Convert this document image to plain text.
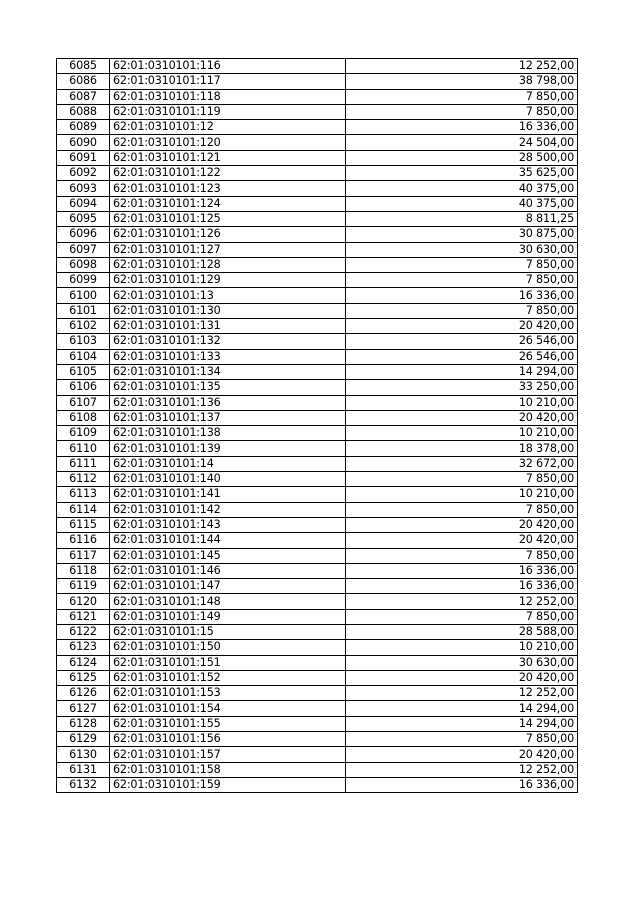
6085	62:01:0310101:116	12 252,00
6086	62:01:0310101:117	38 798,00
6087	62:01:0310101:118	7 850,00
6088	62:01:0310101:119	7 850,00
6089	62:01:0310101:12	16 336,00
6090	62:01:0310101:120	24 504,00
6091	62:01:0310101:121	28 500,00
6092	62:01:0310101:122	35 625,00
6093	62:01:0310101:123	40 375,00
6094	62:01:0310101:124	40 375,00
6095	62:01:0310101:125	8 811,25
6096	62:01:0310101:126	30 875,00
6097	62:01:0310101:127	30 630,00
6098	62:01:0310101:128	7 850,00
6099	62:01:0310101:129	7 850,00
6100	62:01:0310101:13	16 336,00
6101	62:01:0310101:130	7 850,00
6102	62:01:0310101:131	20 420,00
6103	62:01:0310101:132	26 546,00
6104	62:01:0310101:133	26 546,00
6105	62:01:0310101:134	14 294,00
6106	62:01:0310101:135	33 250,00
6107	62:01:0310101:136	10 210,00
6108	62:01:0310101:137	20 420,00
6109	62:01:0310101:138	10 210,00
6110	62:01:0310101:139	18 378,00
6111	62:01:0310101:14	32 672,00
6112	62:01:0310101:140	7 850,00
6113	62:01:0310101:141	10 210,00
6114	62:01:0310101:142	7 850,00
6115	62:01:0310101:143	20 420,00
6116	62:01:0310101:144	20 420,00
6117	62:01:0310101:145	7 850,00
6118	62:01:0310101:146	16 336,00
6119	62:01:0310101:147	16 336,00
6120	62:01:0310101:148	12 252,00
6121	62:01:0310101:149	7 850,00
6122	62:01:0310101:15	28 588,00
6123	62:01:0310101:150	10 210,00
6124	62:01:0310101:151	30 630,00
6125	62:01:0310101:152	20 420,00
6126	62:01:0310101:153	12 252,00
6127	62:01:0310101:154	14 294,00
6128	62:01:0310101:155	14 294,00
6129	62:01:0310101:156	7 850,00
6130	62:01:0310101:157	20 420,00
6131	62:01:0310101:158	12 252,00
6132	62:01:0310101:159	16 336,00
